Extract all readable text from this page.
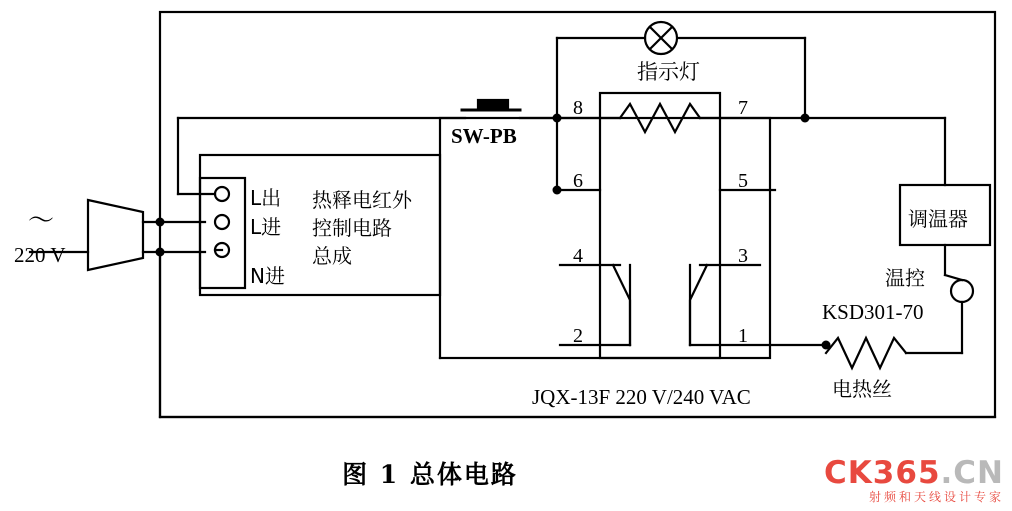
～
220 V
L出
L进
N进
热释电红外
控制电路
总成
SW-PB
指示灯
8	7
6	5
4	3
2	1
JQX-13F 220 V/240 VAC
调温器
温控
KSD301-70
电热丝
图 1 总体电路	CK365.CN
射频和天线设计专家
